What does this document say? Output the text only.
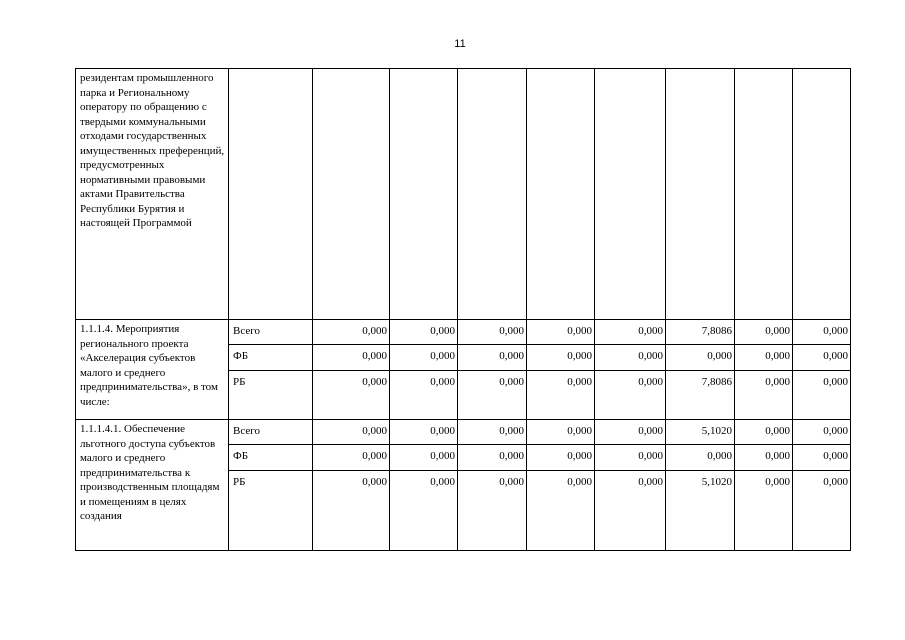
11
резидентам промышленного парка и Региональному оператору по обращению с твердыми коммунальными отходами государственных имущественных преференций, предусмотренных нормативными правовыми актами Правительства Республики Бурятия и настоящей Программой									
1.1.1.4. Мероприятия регионального проекта «Акселерация субъектов малого и среднего предпринимательства», в том числе:	Всего	0,000	0,000	0,000	0,000	0,000	7,8086	0,000	0,000
	ФБ	0,000	0,000	0,000	0,000	0,000	0,000	0,000	0,000
	РБ	0,000	0,000	0,000	0,000	0,000	7,8086	0,000	0,000
1.1.1.4.1. Обеспечение льготного доступа субъектов малого и среднего предпринимательства к производственным площадям и помещениям в целях создания	Всего	0,000	0,000	0,000	0,000	0,000	5,1020	0,000	0,000
	ФБ	0,000	0,000	0,000	0,000	0,000	0,000	0,000	0,000
	РБ	0,000	0,000	0,000	0,000	0,000	5,1020	0,000	0,000
